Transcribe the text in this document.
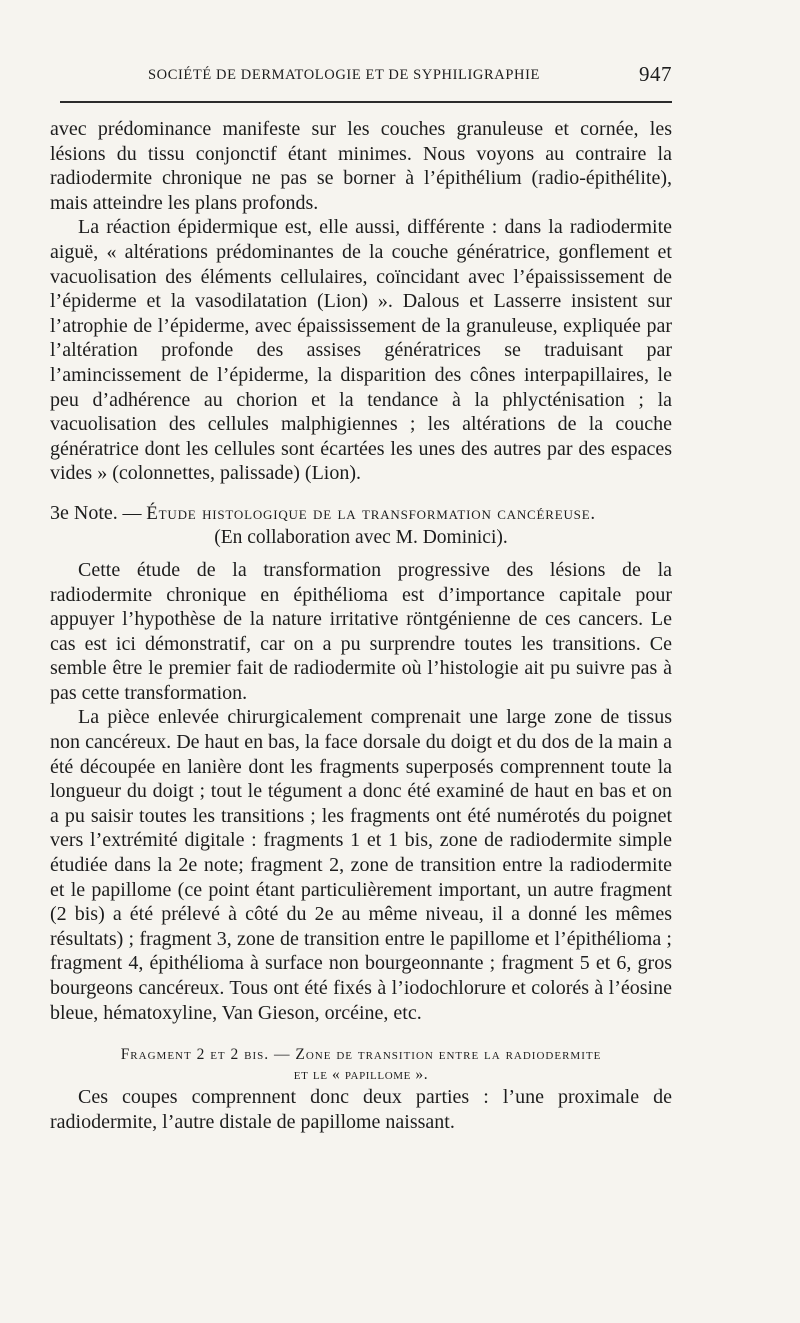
SOCIÉTÉ DE DERMATOLOGIE ET DE SYPHILIGRAPHIE	947

avec prédominance manifeste sur les couches granuleuse et cornée, les lésions du tissu conjonctif étant minimes. Nous voyons au contraire la radiodermite chronique ne pas se borner à l’épithélium (radio-épithélite), mais atteindre les plans profonds.

La réaction épidermique est, elle aussi, différente : dans la radiodermite aiguë, « altérations prédominantes de la couche génératrice, gonflement et vacuolisation des éléments cellulaires, coïncidant avec l’épaississement de l’épiderme et la vasodilatation (Lion) ». Dalous et Lasserre insistent sur l’atrophie de l’épiderme, avec épaississement de la granuleuse, expliquée par l’altération profonde des assises génératrices se traduisant par l’amincissement de l’épiderme, la disparition des cônes interpapillaires, le peu d’adhérence au chorion et la tendance à la phlycténisation ; la vacuolisation des cellules malphigiennes ; les altérations de la couche génératrice dont les cellules sont écartées les unes des autres par des espaces vides » (colonnettes, palissade) (Lion).

3e Note. — Étude histologique de la transformation cancéreuse.
(En collaboration avec M. Dominici).

Cette étude de la transformation progressive des lésions de la radiodermite chronique en épithélioma est d’importance capitale pour appuyer l’hypothèse de la nature irritative röntgénienne de ces cancers. Le cas est ici démonstratif, car on a pu surprendre toutes les transitions. Ce semble être le premier fait de radiodermite où l’histologie ait pu suivre pas à pas cette transformation.

La pièce enlevée chirurgicalement comprenait une large zone de tissus non cancéreux. De haut en bas, la face dorsale du doigt et du dos de la main a été découpée en lanière dont les fragments superposés comprennent toute la longueur du doigt ; tout le tégument a donc été examiné de haut en bas et on a pu saisir toutes les transitions ; les fragments ont été numérotés du poignet vers l’extrémité digitale : fragments 1 et 1 bis, zone de radiodermite simple étudiée dans la 2e note; fragment 2, zone de transition entre la radiodermite et le papillome (ce point étant particulièrement important, un autre fragment (2 bis) a été prélevé à côté du 2e au même niveau, il a donné les mêmes résultats) ; fragment 3, zone de transition entre le papillome et l’épithélioma ; fragment 4, épithélioma à surface non bourgeonnante ; fragment 5 et 6, gros bourgeons cancéreux. Tous ont été fixés à l’iodochlorure et colorés à l’éosine bleue, hématoxyline, Van Gieson, orcéine, etc.

Fragment 2 et 2 bis. — Zone de transition entre la radiodermite
et le « papillome ».

Ces coupes comprennent donc deux parties : l’une proximale de radiodermite, l’autre distale de papillome naissant.
